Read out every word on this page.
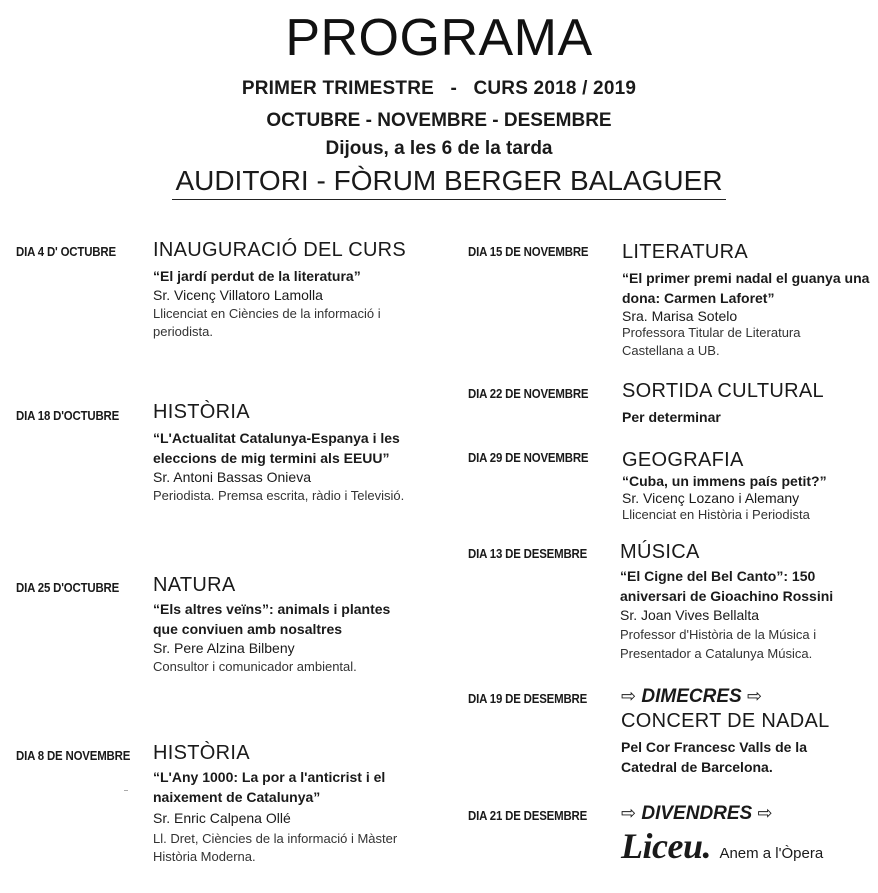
PROGRAMA
PRIMER TRIMESTRE - CURS 2018 / 2019
OCTUBRE - NOVEMBRE - DESEMBRE
Dijous, a les 6 de la tarda
AUDITORI - FÒRUM BERGER BALAGUER
DIA 4 D' OCTUBRE INAUGURACIÓ DEL CURS
“El jardí perdut de la literatura”
Sr. Vicenç Villatoro Lamolla
Llicenciat en Ciències de la informació i periodista.
DIA 18 D'OCTUBRE HISTÒRIA
“L'Actualitat Catalunya-Espanya i les eleccions de mig termini als EEUU”
Sr. Antoni Bassas Onieva
Periodista. Premsa escrita, ràdio i Televisió.
DIA 25 D'OCTUBRE NATURA
“Els altres veïns”: animals i plantes que conviuen amb nosaltres
Sr. Pere Alzina Bilbeny
Consultor i comunicador ambiental.
DIA 8 DE NOVEMBRE HISTÒRIA
“L'Any 1000: La por a l'anticrist i el naixement de Catalunya”
Sr. Enric Calpena Ollé
Ll. Dret, Ciències de la informació i Màster Història Moderna.
DIA 15 DE NOVEMBRE LITERATURA
“El primer premi nadal el guanya una dona: Carmen Laforet”
Sra. Marisa Sotelo
Professora Titular de Literatura Castellana a UB.
DIA 22 DE NOVEMBRE SORTIDA CULTURAL
Per determinar
DIA 29 DE NOVEMBRE GEOGRAFIA
“Cuba, un immens país petit?”
Sr. Vicenç Lozano i Alemany
Llicenciat en Història i Periodista
DIA 13 DE DESEMBRE MÚSICA
“El Cigne del Bel Canto”: 150 aniversari de Gioachino Rossini
Sr. Joan Vives Bellalta
Professor d'Història de la Música i Presentador a Catalunya Música.
DIA 19 DE DESEMBRE ⇨ DIMECRES ⇨
CONCERT DE NADAL
Pel Cor Francesc Valls de la Catedral de Barcelona.
DIA 21 DE DESEMBRE ⇨ DIVENDRES ⇨
Liceu. Anem a l'Òpera
